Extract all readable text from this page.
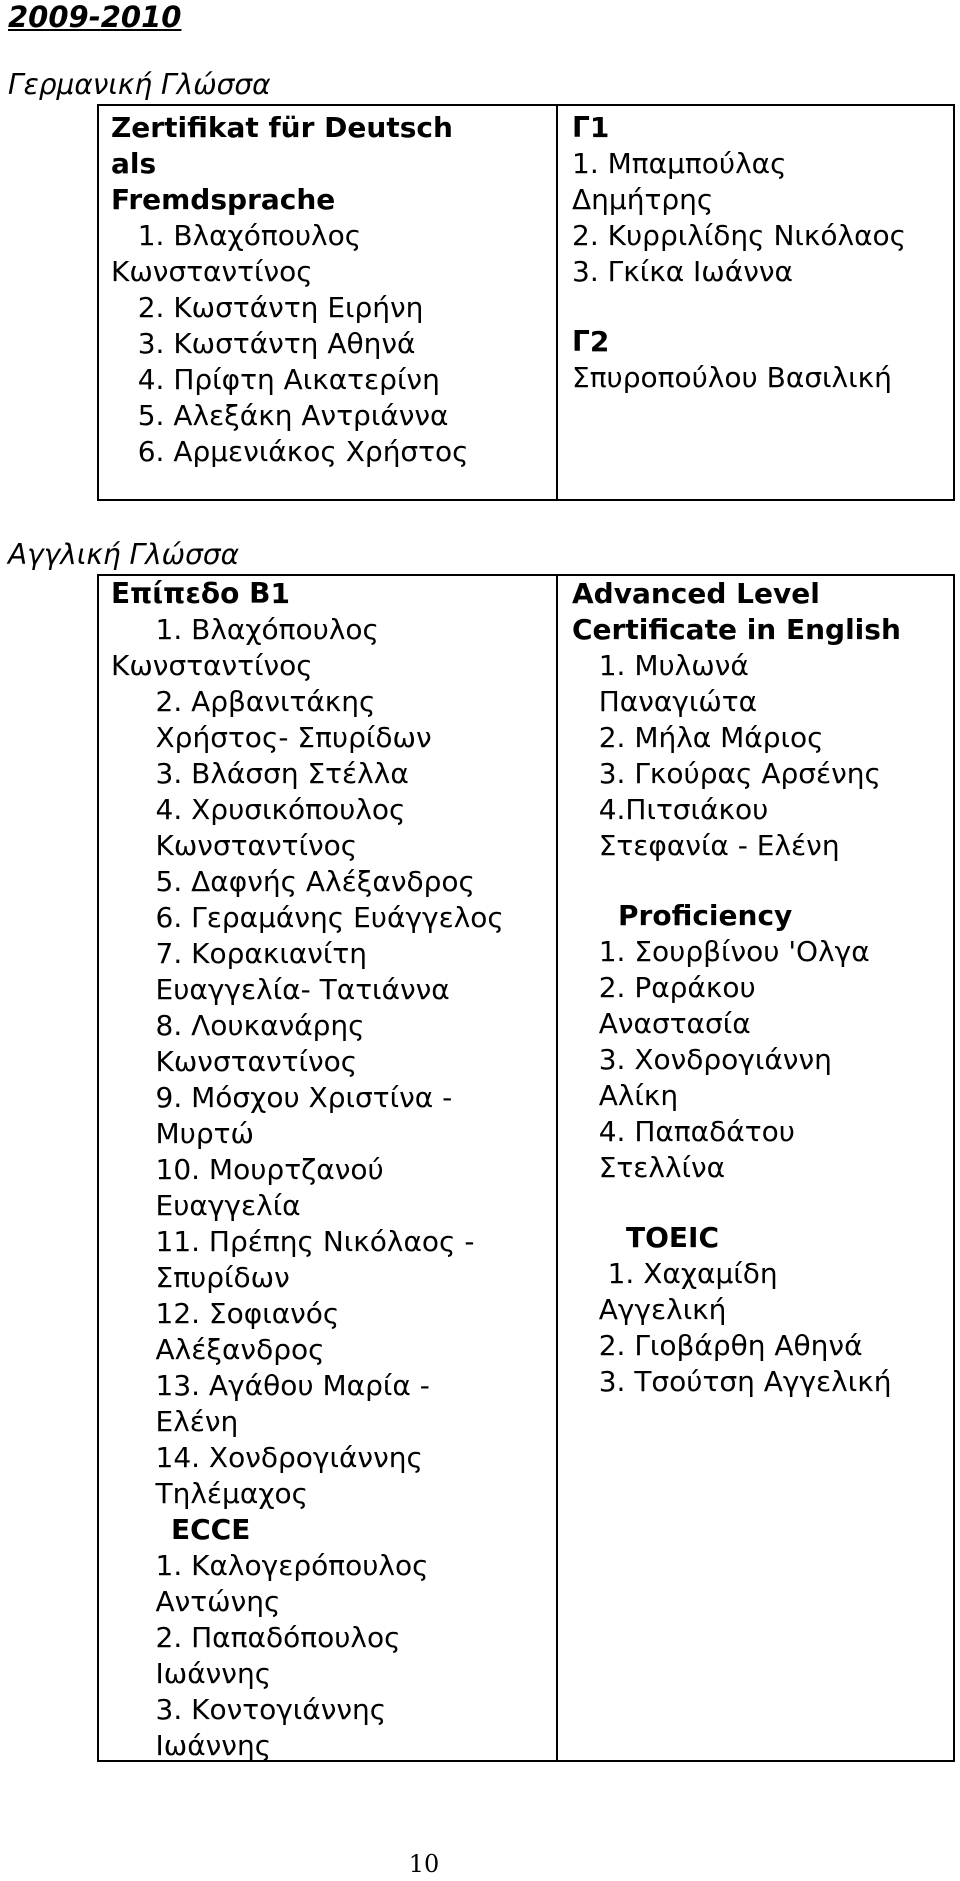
2009-2010
Γερμανική Γλώσσα
Zertifikat für Deutsch
als
Fremdsprache
1. Βλαχόπουλος
Κωνσταντίνος
2. Κωστάντη Ειρήνη
3. Κωστάντη Αθηνά
4. Πρίφτη Αικατερίνη
5. Αλεξάκη Αντριάννα
6. Αρμενιάκος Χρήστος
Γ1
1. Μπαμπούλας
Δημήτρης
2. Κυρριλίδης Νικόλαος
3. Γκίκα Ιωάννα
Γ2
Σπυροπούλου Βασιλική
Αγγλική Γλώσσα
Επίπεδο Β1
1. Βλαχόπουλος
Κωνσταντίνος
2. Αρβανιτάκης
Χρήστος- Σπυρίδων
3. Βλάσση Στέλλα
4. Χρυσικόπουλος
Κωνσταντίνος
5. Δαφνής Αλέξανδρος
6. Γεραμάνης Ευάγγελος
7. Κορακιανίτη
Ευαγγελία- Τατιάννα
8. Λουκανάρης
Κωνσταντίνος
9. Μόσχου Χριστίνα -
Μυρτώ
10. Μουρτζανού
Ευαγγελία
11. Πρέπης Νικόλαος -
Σπυρίδων
12. Σοφιανός
Αλέξανδρος
13. Αγάθου Μαρία -
Ελένη
14. Χονδρογιάννης
Τηλέμαχος
ECCE
1. Καλογερόπουλος
Αντώνης
2. Παπαδόπουλος
Ιωάννης
3. Κοντογιάννης
Ιωάννης
Advanced Level
Certificate in English
1. Μυλωνά
Παναγιώτα
2. Μήλα Μάριος
3. Γκούρας Αρσένης
4.Πιτσιάκου
Στεφανία - Ελένη
Proficiency
1. Σουρβίνου 'Ολγα
2. Ραράκου
Αναστασία
3. Χονδρογιάννη
Αλίκη
4. Παπαδάτου
Στελλίνα
TOEIC
1. Χαχαμίδη
Αγγελική
2. Γιοβάρθη Αθηνά
3. Τσούτση Αγγελική
10
